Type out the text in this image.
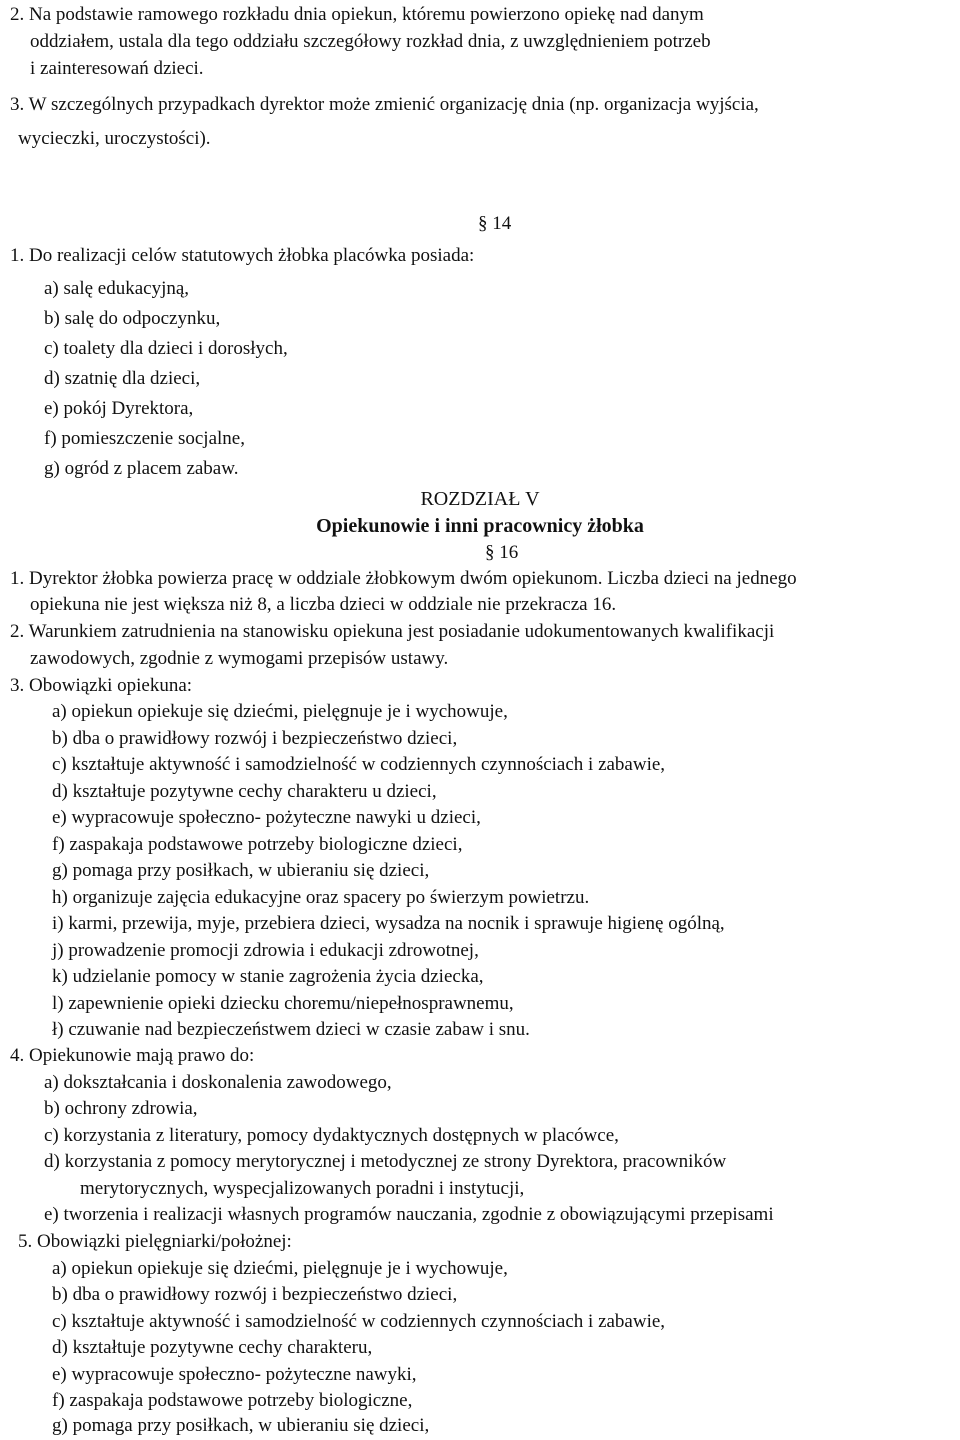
2. Na podstawie ramowego rozkładu dnia opiekun, któremu powierzono opiekę nad danym
oddziałem, ustala dla tego oddziału szczegółowy rozkład dnia, z uwzględnieniem potrzeb
i zainteresowań dzieci.
3. W szczególnych przypadkach dyrektor może zmienić organizację dnia (np. organizacja wyjścia,
wycieczki, uroczystości).
§ 14
1. Do realizacji celów statutowych żłobka placówka posiada:
a) salę edukacyjną,
b) salę do odpoczynku,
c) toalety dla dzieci i dorosłych,
d) szatnię dla dzieci,
e) pokój Dyrektora,
f) pomieszczenie socjalne,
g) ogród z placem zabaw.
ROZDZIAŁ V
Opiekunowie i inni pracownicy żłobka
§ 16
1. Dyrektor żłobka powierza pracę w oddziale żłobkowym dwóm opiekunom. Liczba dzieci na jednego
opiekuna nie jest większa niż 8, a liczba dzieci w oddziale nie przekracza 16.
2. Warunkiem zatrudnienia na stanowisku opiekuna jest posiadanie udokumentowanych kwalifikacji
zawodowych, zgodnie z wymogami przepisów ustawy.
3. Obowiązki opiekuna:
a) opiekun opiekuje się dziećmi, pielęgnuje je i wychowuje,
b) dba o prawidłowy rozwój i bezpieczeństwo dzieci,
c) kształtuje aktywność i samodzielność w codziennych czynnościach i zabawie,
d) kształtuje pozytywne cechy charakteru u dzieci,
e) wypracowuje społeczno- pożyteczne nawyki u dzieci,
f) zaspakaja podstawowe potrzeby biologiczne dzieci,
g) pomaga przy posiłkach, w ubieraniu się dzieci,
h) organizuje zajęcia edukacyjne oraz spacery po świerzym powietrzu.
i) karmi, przewija, myje, przebiera dzieci, wysadza na nocnik i sprawuje higienę ogólną,
j) prowadzenie promocji zdrowia i edukacji zdrowotnej,
k) udzielanie pomocy w stanie zagrożenia życia dziecka,
l) zapewnienie opieki dziecku choremu/niepełnosprawnemu,
ł) czuwanie nad bezpieczeństwem dzieci w czasie zabaw i snu.
4. Opiekunowie mają prawo do:
a) dokształcania i doskonalenia zawodowego,
b) ochrony zdrowia,
c) korzystania z literatury, pomocy dydaktycznych dostępnych w placówce,
d) korzystania z pomocy merytorycznej i metodycznej ze strony Dyrektora, pracowników
merytorycznych, wyspecjalizowanych poradni i instytucji,
e) tworzenia i realizacji własnych programów nauczania, zgodnie z obowiązującymi przepisami
5. Obowiązki pielęgniarki/położnej:
a) opiekun opiekuje się dziećmi, pielęgnuje je i wychowuje,
b) dba o prawidłowy rozwój i bezpieczeństwo dzieci,
c) kształtuje aktywność i samodzielność w codziennych czynnościach i zabawie,
d) kształtuje pozytywne cechy charakteru,
e) wypracowuje społeczno- pożyteczne nawyki,
f) zaspakaja podstawowe potrzeby biologiczne,
g) pomaga przy posiłkach, w ubieraniu się dzieci,
